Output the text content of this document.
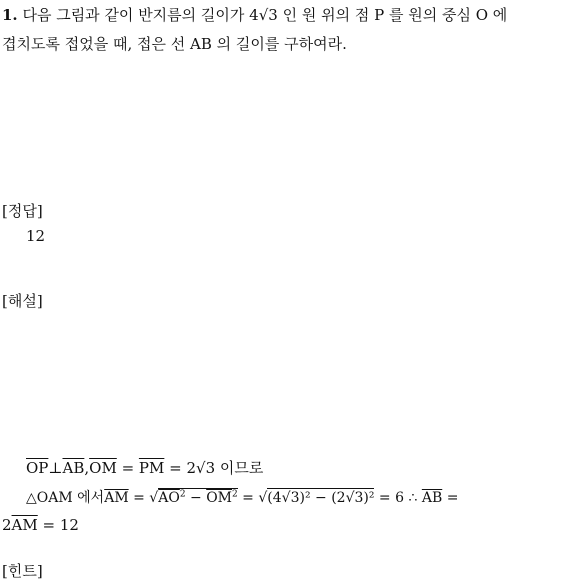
1. 다음 그림과 같이 반지름의 길이가 4√3 인 원 위의 점 P 를 원의 중심 O 에
겹치도록 접었을 때, 접은 선 AB 의 길이를 구하여라.
[정답]
12
[해설]
$\overline{OP}\perp\overline{AB},\overline{OM} = \overline{PM} = 2√3$ 이므로
△OAM 에서$\overline{AM} = √AO^2 - \overline{OM}^2 = √(4√3)^2 - (2√3)^2 = 6$ ∴ $\overline{AB}$ =
$2\overline{AM} = 12$
[힌트]
